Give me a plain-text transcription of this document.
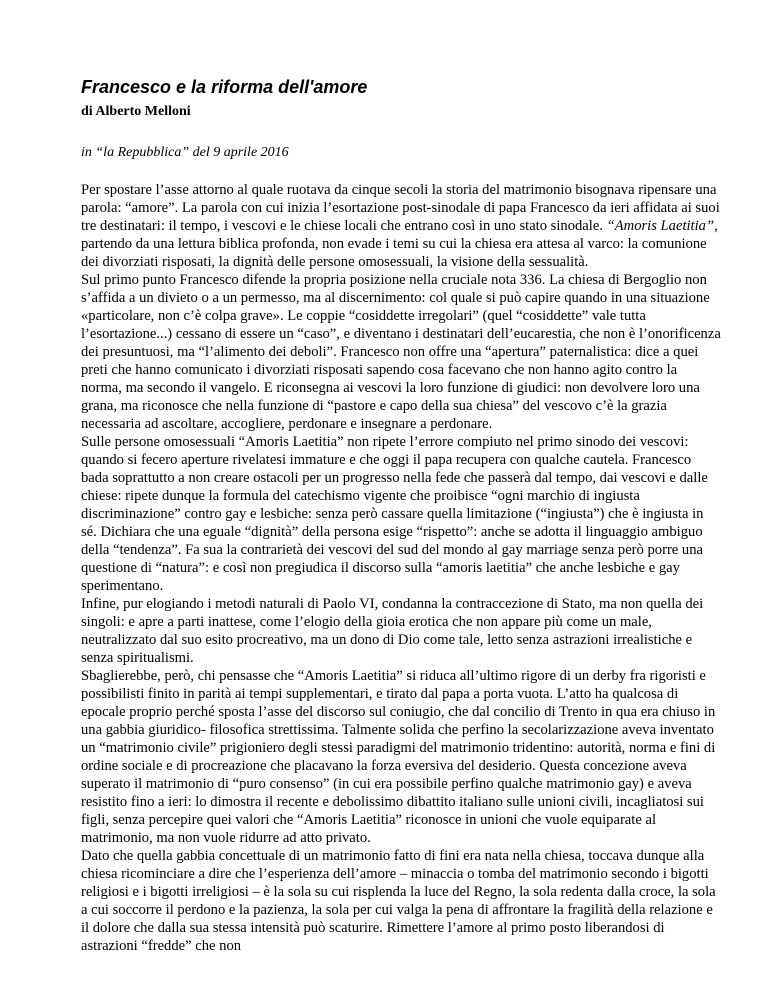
Francesco e la riforma dell'amore
di Alberto Melloni
in “la Repubblica” del 9 aprile 2016

Per spostare l’asse attorno al quale ruotava da cinque secoli la storia del matrimonio bisognava ripensare una parola: “amore”. La parola con cui inizia l’esortazione post-sinodale di papa Francesco da ieri affidata ai suoi tre destinatari: il tempo, i vescovi e le chiese locali che entrano così in uno stato sinodale. “Amoris Laetitia”, partendo da una lettura biblica profonda, non evade i temi su cui la chiesa era attesa al varco: la comunione dei divorziati risposati, la dignità delle persone omosessuali, la visione della sessualità.

Sul primo punto Francesco difende la propria posizione nella cruciale nota 336. La chiesa di Bergoglio non s’affida a un divieto o a un permesso, ma al discernimento: col quale si può capire quando in una situazione «particolare, non c’è colpa grave». Le coppie “cosiddette irregolari” (quel “cosiddette” vale tutta l’esortazione...) cessano di essere un “caso”, e diventano i destinatari dell’eucarestia, che non è l’onorificenza dei presuntuosi, ma “l’alimento dei deboli”. Francesco non offre una “apertura” paternalistica: dice a quei preti che hanno comunicato i divorziati risposati sapendo cosa facevano che non hanno agito contro la norma, ma secondo il vangelo. E riconsegna ai vescovi la loro funzione di giudici: non devolvere loro una grana, ma riconosce che nella funzione di “pastore e capo della sua chiesa” del vescovo c’è la grazia necessaria ad ascoltare, accogliere, perdonare e insegnare a perdonare.

Sulle persone omosessuali “Amoris Laetitia” non ripete l’errore compiuto nel primo sinodo dei vescovi: quando si fecero aperture rivelatesi immature e che oggi il papa recupera con qualche cautela. Francesco bada soprattutto a non creare ostacoli per un progresso nella fede che passerà dal tempo, dai vescovi e dalle chiese: ripete dunque la formula del catechismo vigente che proibisce “ogni marchio di ingiusta discriminazione” contro gay e lesbiche: senza però cassare quella limitazione (“ingiusta”) che è ingiusta in sé. Dichiara che una eguale “dignità” della persona esige “rispetto”: anche se adotta il linguaggio ambiguo della “tendenza”. Fa sua la contrarietà dei vescovi del sud del mondo al gay marriage senza però porre una questione di “natura”: e così non pregiudica il discorso sulla “amoris laetitia” che anche lesbiche e gay sperimentano.

Infine, pur elogiando i metodi naturali di Paolo VI, condanna la contraccezione di Stato, ma non quella dei singoli: e apre a parti inattese, come l’elogio della gioia erotica che non appare più come un male, neutralizzato dal suo esito procreativo, ma un dono di Dio come tale, letto senza astrazioni irrealistiche e senza spiritualismi.

Sbaglierebbe, però, chi pensasse che “Amoris Laetitia” si riduca all’ultimo rigore di un derby fra rigoristi e possibilisti finito in parità ai tempi supplementari, e tirato dal papa a porta vuota. L’atto ha qualcosa di epocale proprio perché sposta l’asse del discorso sul coniugio, che dal concilio di Trento in qua era chiuso in una gabbia giuridico- filosofica strettissima. Talmente solida che perfino la secolarizzazione aveva inventato un “matrimonio civile” prigioniero degli stessi paradigmi del matrimonio tridentino: autorità, norma e fini di ordine sociale e di procreazione che placavano la forza eversiva del desiderio. Questa concezione aveva superato il matrimonio di “puro consenso” (in cui era possibile perfino qualche matrimonio gay) e aveva resistito fino a ieri: lo dimostra il recente e debolissimo dibattito italiano sulle unioni civili, incagliatosi sui figli, senza percepire quei valori che “Amoris Laetitia” riconosce in unioni che vuole equiparate al matrimonio, ma non vuole ridurre ad atto privato.

Dato che quella gabbia concettuale di un matrimonio fatto di fini era nata nella chiesa, toccava dunque alla chiesa ricominciare a dire che l’esperienza dell’amore – minaccia o tomba del matrimonio secondo i bigotti religiosi e i bigotti irreligiosi – è la sola su cui risplenda la luce del Regno, la sola redenta dalla croce, la sola a cui soccorre il perdono e la pazienza, la sola per cui valga la pena di affrontare la fragilità della relazione e il dolore che dalla sua stessa intensità può scaturire. Rimettere l’amore al primo posto liberandosi di astrazioni “fredde” che non
